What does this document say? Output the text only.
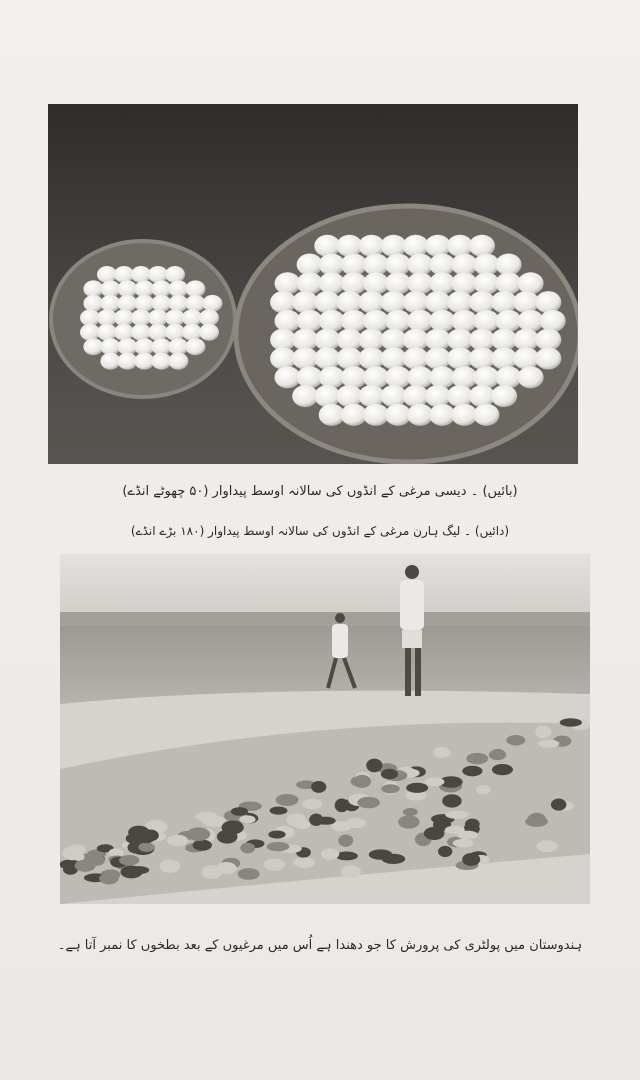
(بائیں) ۔ دیسی مرغی کے انڈوں کی سالانہ اوسط پیداوار (۵۰ چھوٹے انڈے)
(دائیں) ۔ لیگ ہارن مرغی کے انڈوں کی سالانہ اوسط پیداوار (۱۸۰ بڑے انڈے)
ہندوستان میں پولٹری کی پرورش کا جو دھندا ہے اُس میں مرغیوں کے بعد بطخوں کا نمبر آتا ہے۔
